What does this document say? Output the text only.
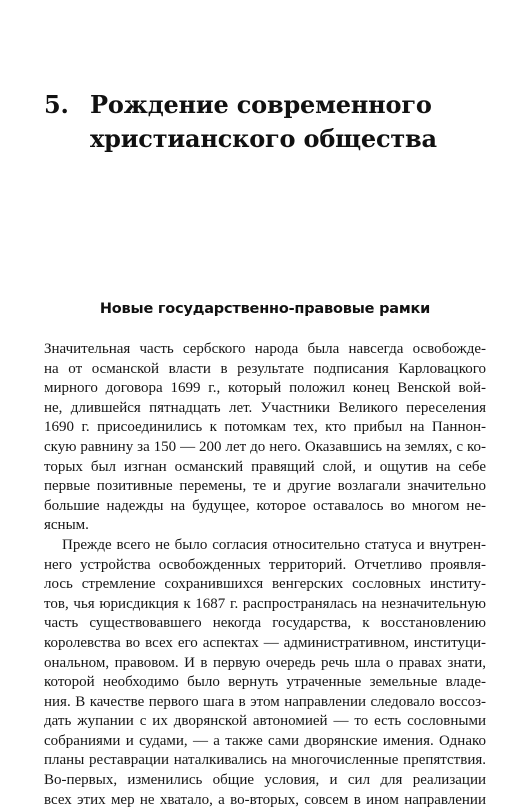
5. Рождение современного
христианского общества
Новые государственно-правовые рамки

Значительная часть сербского народа была навсегда освобожде-
на от османской власти в результате подписания Карловацкого
мирного договора 1699 г., который положил конец Венской вой-
не, длившейся пятнадцать лет. Участники Великого переселения
1690 г. присоединились к потомкам тех, кто прибыл на Паннон-
скую равнину за 150 — 200 лет до него. Оказавшись на землях, с ко-
торых был изгнан османский правящий слой, и ощутив на себе
первые позитивные перемены, те и другие возлагали значительно
большие надежды на будущее, которое оставалось во многом не-
ясным.

Прежде всего не было согласия относительно статуса и внутрен-
него устройства освобожденных территорий. Отчетливо проявля-
лось стремление сохранившихся венгерских сословных институ-
тов, чья юрисдикция к 1687 г. распространялась на незначительную
часть существовавшего некогда государства, к восстановлению
королевства во всех его аспектах — административном, институци-
ональном, правовом. И в первую очередь речь шла о правах знати,
которой необходимо было вернуть утраченные земельные владе-
ния. В качестве первого шага в этом направлении следовало воссоз-
дать жупании с их дворянской автономией — то есть сословными
собраниями и судами, — а также сами дворянские имения. Однако
планы реставрации наталкивались на многочисленные препятствия.
Во-первых, изменились общие условия, и сил для реализации
всех этих мер не хватало, а во-вторых, совсем в ином направлении
